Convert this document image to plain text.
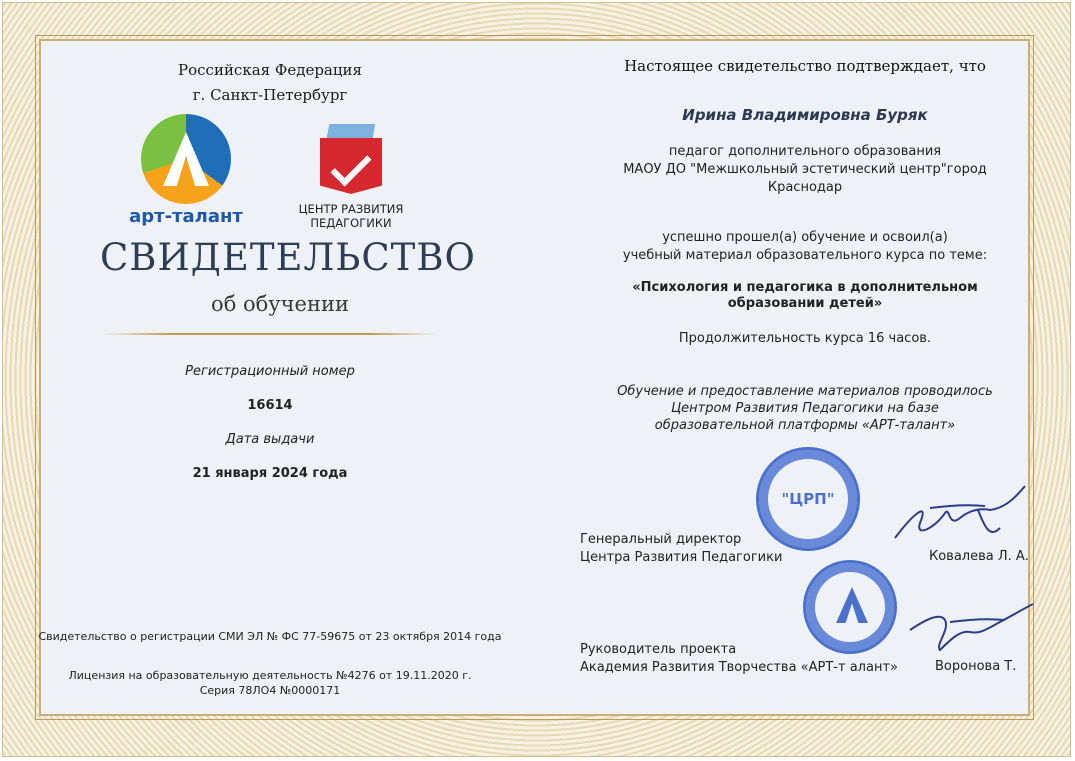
Российская Федерация
г. Санкт-Петербург
арт-талант	ЦЕНТР РАЗВИТИЯ
ПЕДАГОГИКИ
СВИДЕТЕЛЬСТВО
об обучении
Регистрационный номер
16614
Дата выдачи
21 января 2024 года
Свидетельство о регистрации СМИ ЭЛ № ФС 77-59675 от 23 октября 2014 года
Лицензия на образовательную деятельность №4276 от 19.11.2020 г.
Серия 78ЛО4 №0000171
Настоящее свидетельство подтверждает, что
Ирина Владимировна Буряк
педагог дополнительного образования
МАОУ ДО "Межшкольный эстетический центр"город
Краснодар
успешно прошел(а) обучение и освоил(а)
учебный материал образовательного курса по теме:
«Психология и педагогика в дополнительном
образовании детей»
Продолжительность курса 16 часов.
Обучение и предоставление материалов проводилось
Центром Развития Педагогики на базе
образовательной платформы «АРТ-талант»
"ЦРП"
Генеральный директор
Центра Развития Педагогики	Ковалева Л. А.
Руководитель проекта
Академия Развития Творчества «АРТ-т алант»	Воронова Т.
